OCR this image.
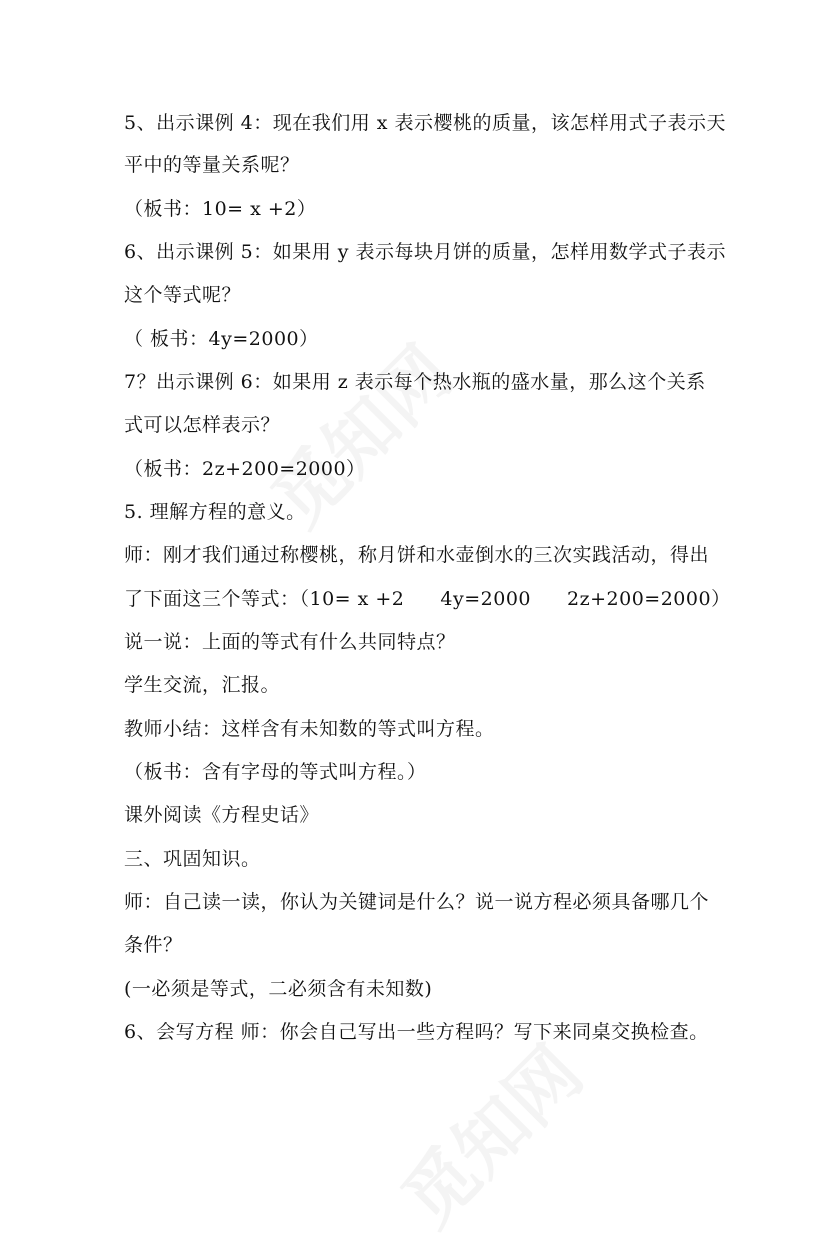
5、出示课例 4：现在我们用 x 表示樱桃的质量，该怎样用式子表示天
平中的等量关系呢？
（板书：10= x +2）
6、出示课例 5：如果用 y 表示每块月饼的质量，怎样用数学式子表示
这个等式呢？
（ 板书：4y=2000）
7？出示课例 6：如果用 z 表示每个热水瓶的盛水量，那么这个关系
式可以怎样表示？
（板书：2z+200=2000）
5. 理解方程的意义。
师：刚才我们通过称樱桃，称月饼和水壶倒水的三次实践活动，得出
了下面这三个等式：（10= x +2 4y=2000 2z+200=2000）
说一说：上面的等式有什么共同特点？
学生交流，汇报。
教师小结：这样含有未知数的等式叫方程。
（板书：含有字母的等式叫方程。）
课外阅读《方程史话》
三、巩固知识。
师：自己读一读，你认为关键词是什么？说一说方程必须具备哪几个
条件？
(一必须是等式，二必须含有未知数)
6、会写方程 师：你会自己写出一些方程吗？写下来同桌交换检查。
